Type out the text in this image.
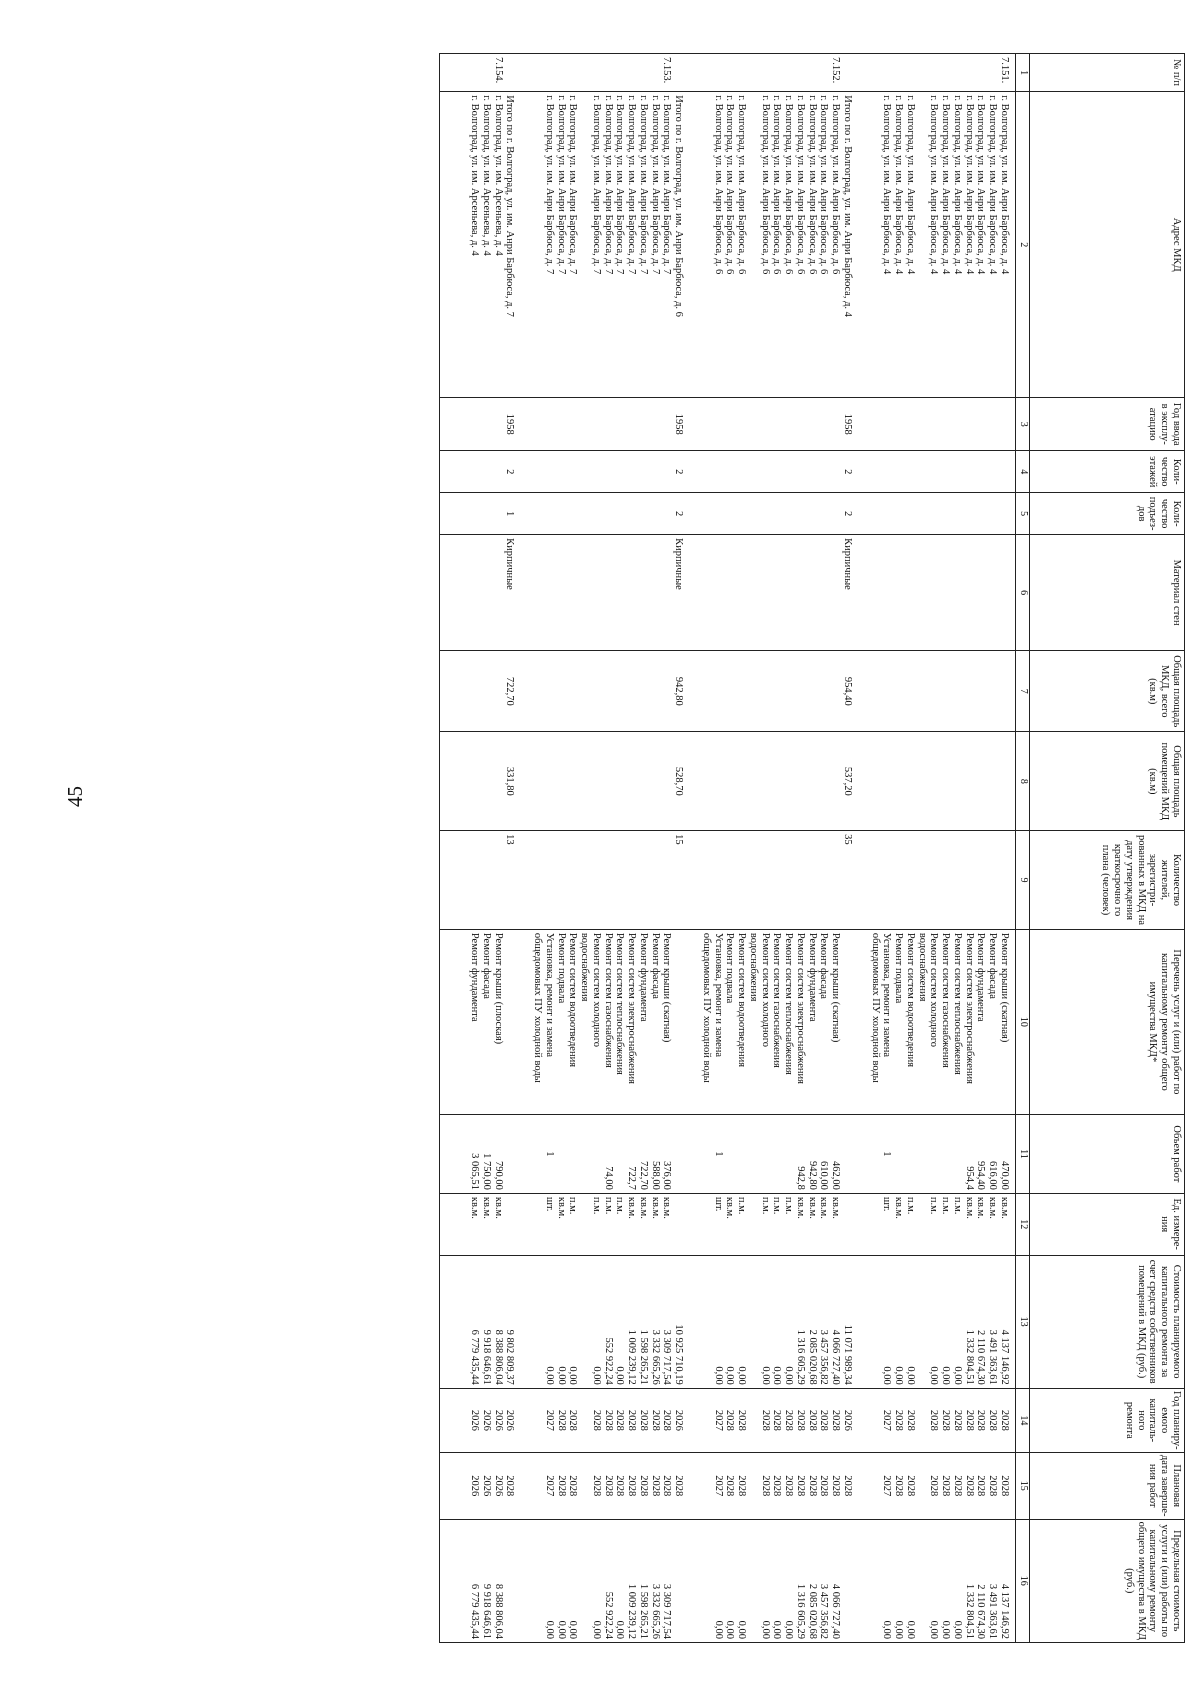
45
№ п/п	Адрес МКД	Год ввода в эксплу-атацию	Коли-чество этажей	Коли-чество подъез-дов	Материал стен	Общая площадь МКД, всего (кв.м)	Общая площадь помещений МКД (кв.м)	Количество жителей, зарегистри-рованных в МКД на дату утверждения краткосрочно го плана (человек)	Перечень услуг и (или) работ по капитальному ремонту общего имущества МКД*	Объем работ	Ед. измере-ния	Стоимость планируемого капитального ремонта за счет средств собственников помещений в МКД (руб.)	Год планиру-емого капиталь-ного ремонта	Плановая дата заверше-ния работ	Предельная стоимость услуги и (или) работы по капитальному ремонту общего имущества в МКД (руб.)
1	2	3	4	5	6	7	8	9	10	11	12	13	14	15	16
7.151.	г. Волгоград, ул. им. Анри Барбюса, д. 4								Ремонт крыши (скатная)	470,00	кв.м.	4 137 146,92	2028	2028	4 137 146,92
	г. Волгоград, ул. им. Анри Барбюса, д. 4								Ремонт фасада	616,00	кв.м.	3 491 363,61	2028	2028	3 491 363,61
	г. Волгоград, ул. им. Анри Барбюса, д. 4								Ремонт фундамента	954,40	кв.м.	2 110 674,30	2028	2028	2 110 674,30
	г. Волгоград, ул. им. Анри Барбюса, д. 4								Ремонт систем электроснабжения	954,4	кв.м.	1 332 804,51	2028	2028	1 332 804,51
	г. Волгоград, ул. им. Анри Барбюса, д. 4								Ремонт систем теплоснабжения		п.м.	0,00	2028	2028	0,00
	г. Волгоград, ул. им. Анри Барбюса, д. 4								Ремонт систем газоснабжения		п.м.	0,00	2028	2028	0,00
	г. Волгоград, ул. им. Анри Барбюса, д. 4								Ремонт систем холодного водоснабжения		п.м.	0,00	2028	2028	0,00
	г. Волгоград, ул. им. Анри Барбюса, д. 4								Ремонт систем водоотведения		п.м.	0,00	2028	2028	0,00
	г. Волгоград, ул. им. Анри Барбюса, д. 4								Ремонт подвала		кв.м.	0,00	2028	2028	0,00
	г. Волгоград, ул. им. Анри Барбюса, д. 4								Установка, ремонт и замена общедомовых ПУ холодной воды	1	шт.	0,00	2027	2027	0,00
	Итого по г. Волгоград, ул. им. Анри Барбюса, д. 4	1958	2	2	Кирпичные	954,40	537,20	35				11 071 989,34	2026	2028	
7.152.	г. Волгоград, ул. им. Анри Барбюса, д. 6								Ремонт крыши (скатная)	462,00	кв.м.	4 066 727,40	2028	2028	4 066 727,40
	г. Волгоград, ул. им. Анри Барбюса, д. 6								Ремонт фасада	610,00	кв.м.	3 457 356,82	2028	2028	3 457 356,82
	г. Волгоград, ул. им. Анри Барбюса, д. 6								Ремонт фундамента	942,80	кв.м.	2 085 020,68	2028	2028	2 085 020,68
	г. Волгоград, ул. им. Анри Барбюса, д. 6								Ремонт систем электроснабжения	942,8	кв.м.	1 316 605,29	2028	2028	1 316 605,29
	г. Волгоград, ул. им. Анри Барбюса, д. 6								Ремонт систем теплоснабжения		п.м.	0,00	2028	2028	0,00
	г. Волгоград, ул. им. Анри Барбюса, д. 6								Ремонт систем газоснабжения		п.м.	0,00	2028	2028	0,00
	г. Волгоград, ул. им. Анри Барбюса, д. 6								Ремонт систем холодного водоснабжения		п.м.	0,00	2028	2028	0,00
	г. Волгоград, ул. им. Анри Барбюса, д. 6								Ремонт систем водоотведения		п.м.	0,00	2028	2028	0,00
	г. Волгоград, ул. им. Анри Барбюса, д. 6								Ремонт подвала		кв.м.	0,00	2028	2028	0,00
	г. Волгоград, ул. им. Анри Барбюса, д. 6								Установка, ремонт и замена общедомовых ПУ холодной воды	1	шт.	0,00	2027	2027	0,00
	Итого по г. Волгоград, ул. им. Анри Барбюса, д. 6	1958	2	2	Кирпичные	942,80	528,70	15				10 925 710,19	2026	2028	
7.153.	г. Волгоград, ул. им. Анри Барбюса, д. 7								Ремонт крыши (скатная)	376,00	кв.м.	3 309 717,54	2028	2028	3 309 717,54
	г. Волгоград, ул. им. Анри Барбюса, д. 7								Ремонт фасада	588,00	кв.м.	3 332 665,26	2028	2028	3 332 665,26
	г. Волгоград, ул. им. Анри Барбюса, д. 7								Ремонт фундамента	722,70	кв.м.	1 598 265,21	2028	2028	1 598 265,21
	г. Волгоград, ул. им. Анри Барбюса, д. 7								Ремонт систем электроснабжения	722,7	кв.м.	1 009 239,12	2028	2028	1 009 239,12
	г. Волгоград, ул. им. Анри Барбюса, д. 7								Ремонт систем теплоснабжения		п.м.	0,00	2028	2028	0,00
	г. Волгоград, ул. им. Анри Барбюса, д. 7								Ремонт систем газоснабжения	74,00	п.м.	552 922,24	2028	2028	552 922,24
	г. Волгоград, ул. им. Анри Барбюса, д. 7								Ремонт систем холодного водоснабжения		п.м.	0,00	2028	2028	0,00
	г. Волгоград, ул. им. Анри Барбюса, д. 7								Ремонт систем водоотведения		п.м.	0,00	2028	2028	0,00
	г. Волгоград, ул. им. Анри Барбюса, д. 7								Ремонт подвала		кв.м.	0,00	2028	2028	0,00
	г. Волгоград, ул. им. Анри Барбюса, д. 7								Установка, ремонт и замена общедомовых ПУ холодной воды	1	шт.	0,00	2027	2027	0,00
	Итого по г. Волгоград, ул. им. Анри Барбюса, д. 7	1958	2	1	Кирпичные	722,70	331,80	13				9 802 809,37	2026	2028	
7.154.	г. Волгоград, ул. им. Арсеньева, д. 4								Ремонт крыши (плоская)	790,00	кв.м.	8 388 806,04	2026	2026	8 388 806,04
	г. Волгоград, ул. им. Арсеньева, д. 4								Ремонт фасада	1 750,00	кв.м.	9 918 646,61	2026	2026	9 918 646,61
	г. Волгоград, ул. им. Арсеньева, д. 4								Ремонт фундамента	3 065,51	кв.м.	6 779 435,44	2026	2026	6 779 435,44
